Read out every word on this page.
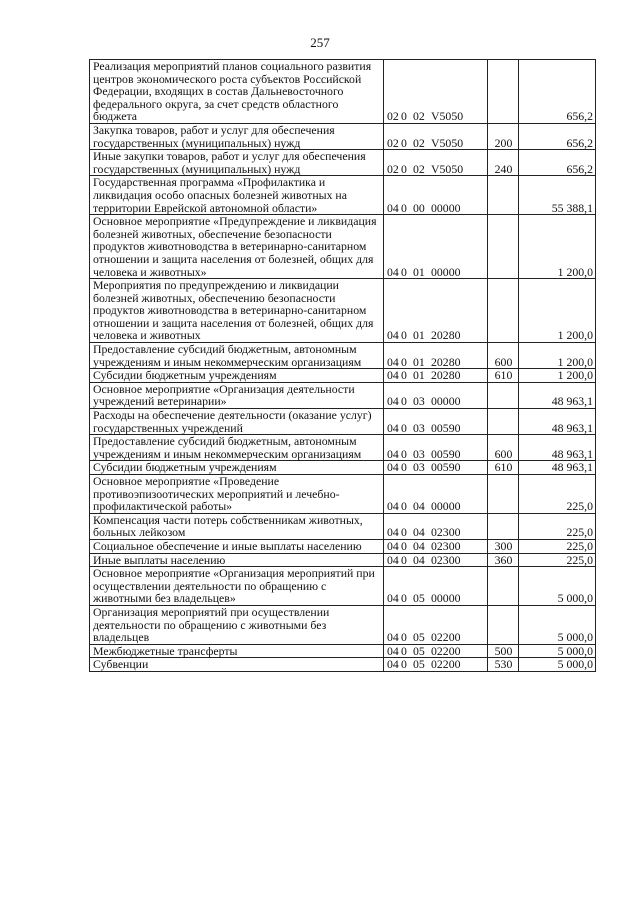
257
Реализация мероприятий планов социального развития центров экономического роста субъектов Российской Федерации, входящих в состав Дальневосточного федерального округа, за счет средств областного бюджета	02 0 02 V5050		656,2
Закупка товаров, работ и услуг для обеспечения государственных (муниципальных) нужд	02 0 02 V5050	200	656,2
Иные закупки товаров, работ и услуг для обеспечения государственных (муниципальных) нужд	02 0 02 V5050	240	656,2
Государственная программа «Профилактика и ликвидация особо опасных болезней животных на территории Еврейской автономной области»	04 0 00 00000		55 388,1
Основное мероприятие «Предупреждение и ликвидация болезней животных, обеспечение безопасности продуктов животноводства в ветеринарно-санитарном отношении и защита населения от болезней, общих для человека и животных»	04 0 01 00000		1 200,0
Мероприятия по предупреждению и ликвидации болезней животных, обеспечению безопасности продуктов животноводства в ветеринарно-санитарном отношении и защита населения от болезней, общих для человека и животных	04 0 01 20280		1 200,0
Предоставление субсидий бюджетным, автономным учреждениям и иным некоммерческим организациям	04 0 01 20280	600	1 200,0
Субсидии бюджетным учреждениям	04 0 01 20280	610	1 200,0
Основное мероприятие «Организация деятельности учреждений ветеринарии»	04 0 03 00000		48 963,1
Расходы на обеспечение деятельности (оказание услуг) государственных учреждений	04 0 03 00590		48 963,1
Предоставление субсидий бюджетным, автономным учреждениям и иным некоммерческим организациям	04 0 03 00590	600	48 963,1
Субсидии бюджетным учреждениям	04 0 03 00590	610	48 963,1
Основное мероприятие «Проведение противоэпизоотических мероприятий и лечебно-профилактической работы»	04 0 04 00000		225,0
Компенсация части потерь собственникам животных, больных лейкозом	04 0 04 02300		225,0
Социальное обеспечение и иные выплаты населению	04 0 04 02300	300	225,0
Иные выплаты населению	04 0 04 02300	360	225,0
Основное мероприятие «Организация мероприятий при осуществлении деятельности по обращению с животными без владельцев»	04 0 05 00000		5 000,0
Организация мероприятий при осуществлении деятельности по обращению с животными без владельцев	04 0 05 02200		5 000,0
Межбюджетные трансферты	04 0 05 02200	500	5 000,0
Субвенции	04 0 05 02200	530	5 000,0
